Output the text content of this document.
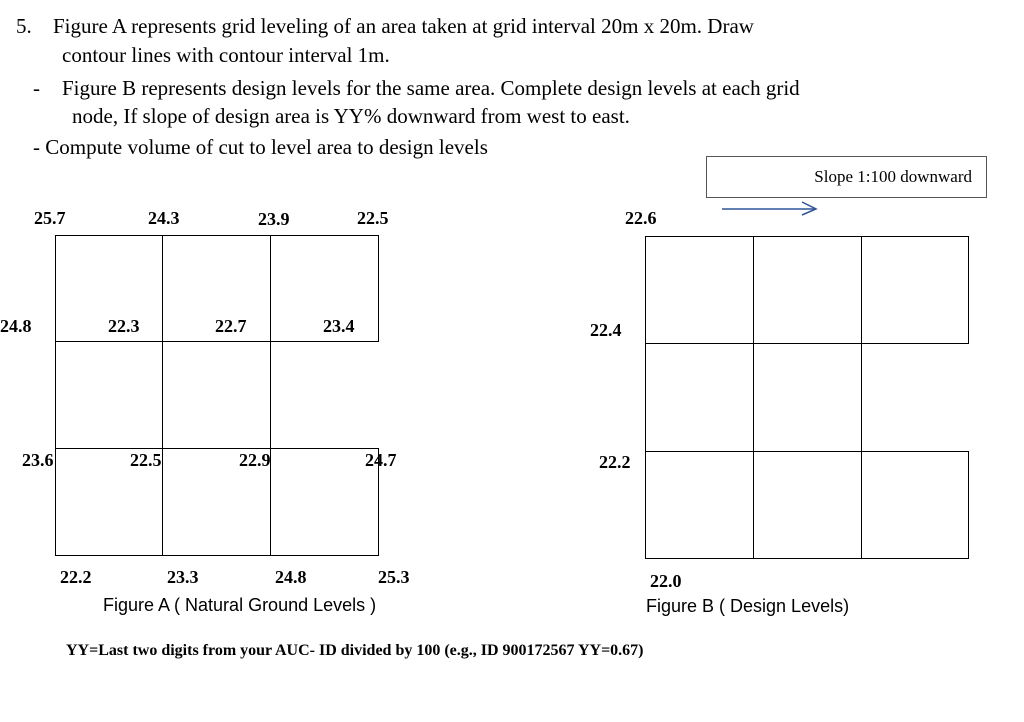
5. Figure A represents grid leveling of an area taken at grid interval 20m x 20m. Draw
contour lines with contour interval 1m.
- Figure B represents design levels for the same area. Complete design levels at each grid
node, If slope of design area is YY% downward from west to east.
- Compute volume of cut to level area to design levels
25.7	24.3	23.9	22.5
24.8	22.3	22.7	23.4
23.6	22.5	22.9	24.7
22.2	23.3	24.8	25.3
Figure A ( Natural Ground Levels )
Slope 1:100 downward
22.6
22.4
22.2
22.0
Figure B ( Design Levels)
YY=Last two digits from your AUC- ID divided by 100 (e.g., ID 900172567 YY=0.67)
